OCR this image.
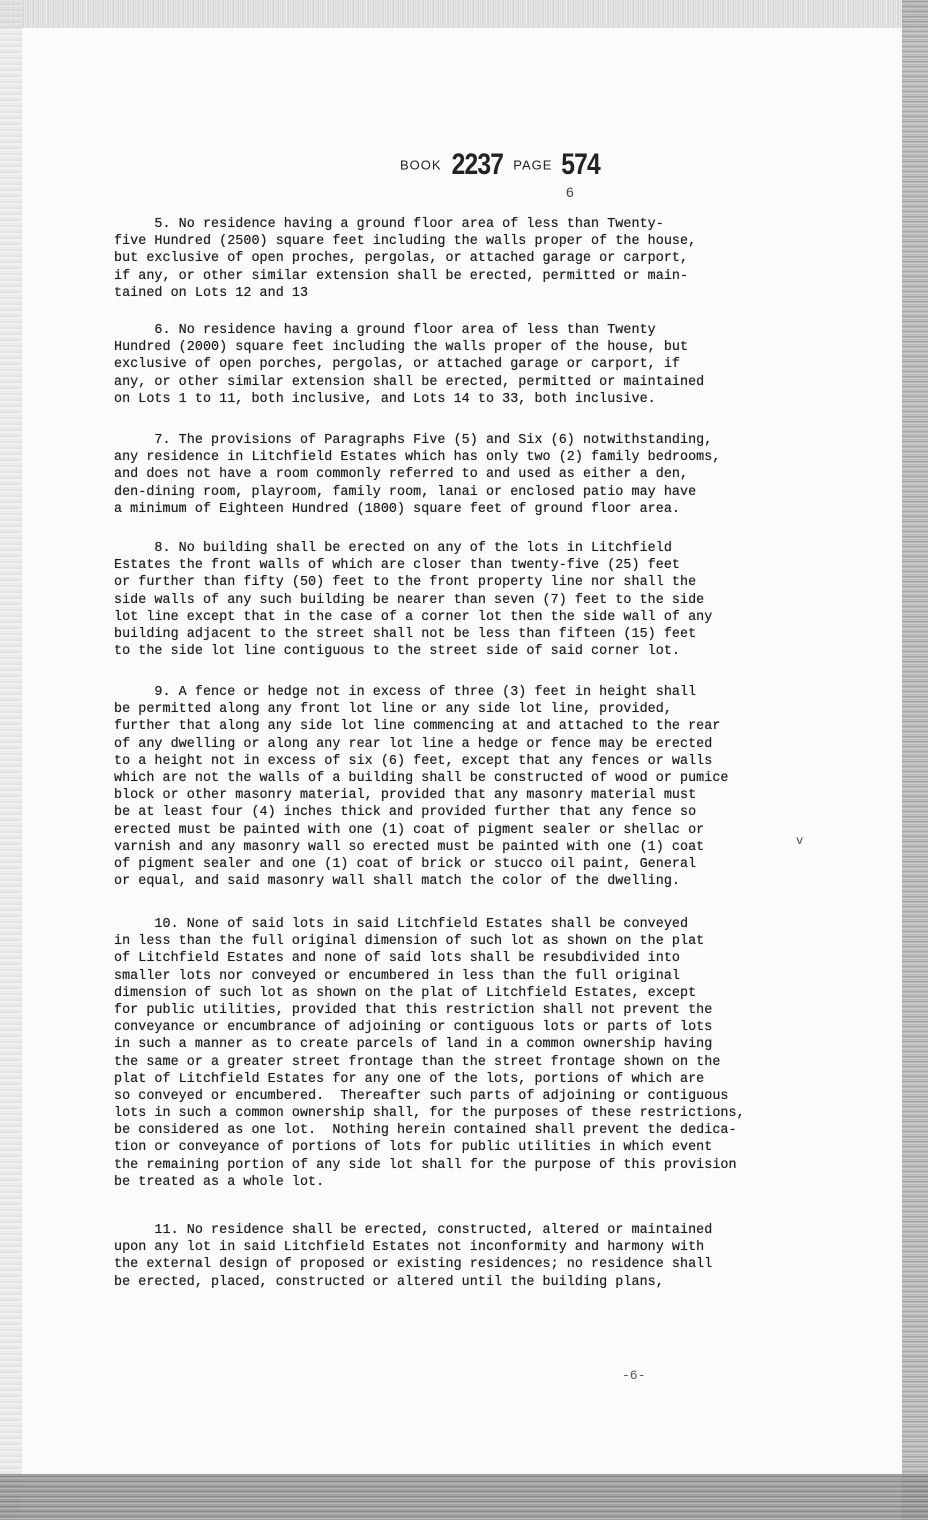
BOOK 2237 PAGE 574
6
5. No residence having a ground floor area of less than Twenty-
five Hundred (2500) square feet including the walls proper of the house,
but exclusive of open proches, pergolas, or attached garage or carport,
if any, or other similar extension shall be erected, permitted or main-
tained on Lots 12 and 13
6. No residence having a ground floor area of less than Twenty
Hundred (2000) square feet including the walls proper of the house, but
exclusive of open porches, pergolas, or attached garage or carport, if
any, or other similar extension shall be erected, permitted or maintained
on Lots 1 to 11, both inclusive, and Lots 14 to 33, both inclusive.
7. The provisions of Paragraphs Five (5) and Six (6) notwithstanding,
any residence in Litchfield Estates which has only two (2) family bedrooms,
and does not have a room commonly referred to and used as either a den,
den-dining room, playroom, family room, lanai or enclosed patio may have
a minimum of Eighteen Hundred (1800) square feet of ground floor area.
8. No building shall be erected on any of the lots in Litchfield
Estates the front walls of which are closer than twenty-five (25) feet
or further than fifty (50) feet to the front property line nor shall the
side walls of any such building be nearer than seven (7) feet to the side
lot line except that in the case of a corner lot then the side wall of any
building adjacent to the street shall not be less than fifteen (15) feet
to the side lot line contiguous to the street side of said corner lot.
9. A fence or hedge not in excess of three (3) feet in height shall
be permitted along any front lot line or any side lot line, provided,
further that along any side lot line commencing at and attached to the rear
of any dwelling or along any rear lot line a hedge or fence may be erected
to a height not in excess of six (6) feet, except that any fences or walls
which are not the walls of a building shall be constructed of wood or pumice
block or other masonry material, provided that any masonry material must
be at least four (4) inches thick and provided further that any fence so
erected must be painted with one (1) coat of pigment sealer or shellac or
varnish and any masonry wall so erected must be painted with one (1) coat
of pigment sealer and one (1) coat of brick or stucco oil paint, General
or equal, and said masonry wall shall match the color of the dwelling.
10. None of said lots in said Litchfield Estates shall be conveyed
in less than the full original dimension of such lot as shown on the plat
of Litchfield Estates and none of said lots shall be resubdivided into
smaller lots nor conveyed or encumbered in less than the full original
dimension of such lot as shown on the plat of Litchfield Estates, except
for public utilities, provided that this restriction shall not prevent the
conveyance or encumbrance of adjoining or contiguous lots or parts of lots
in such a manner as to create parcels of land in a common ownership having
the same or a greater street frontage than the street frontage shown on the
plat of Litchfield Estates for any one of the lots, portions of which are
so conveyed or encumbered.  Thereafter such parts of adjoining or contiguous
lots in such a common ownership shall, for the purposes of these restrictions,
be considered as one lot.  Nothing herein contained shall prevent the dedica-
tion or conveyance of portions of lots for public utilities in which event
the remaining portion of any side lot shall for the purpose of this provision
be treated as a whole lot.
11. No residence shall be erected, constructed, altered or maintained
upon any lot in said Litchfield Estates not inconformity and harmony with
the external design of proposed or existing residences; no residence shall
be erected, placed, constructed or altered until the building plans,
v
-6-
